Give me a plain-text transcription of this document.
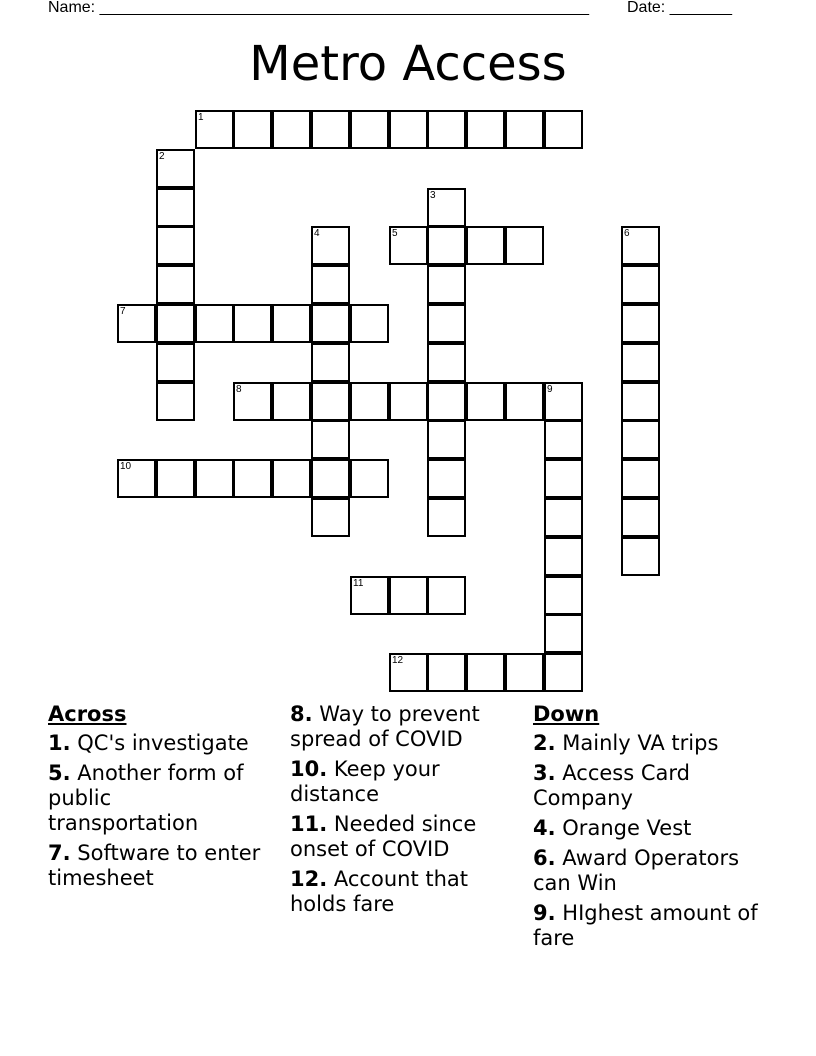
Name: _______________________________________________________ Date: _______
Metro Access
1
2
3
4	5	6
7
8	9
10
11
12
Across
1. QC's investigate
5. Another form of public transportation
7. Software to enter timesheet
8. Way to prevent spread of COVID
10. Keep your distance
11. Needed since onset of COVID
12. Account that holds fare
Down
2. Mainly VA trips
3. Access Card Company
4. Orange Vest
6. Award Operators can Win
9. HIghest amount of fare
